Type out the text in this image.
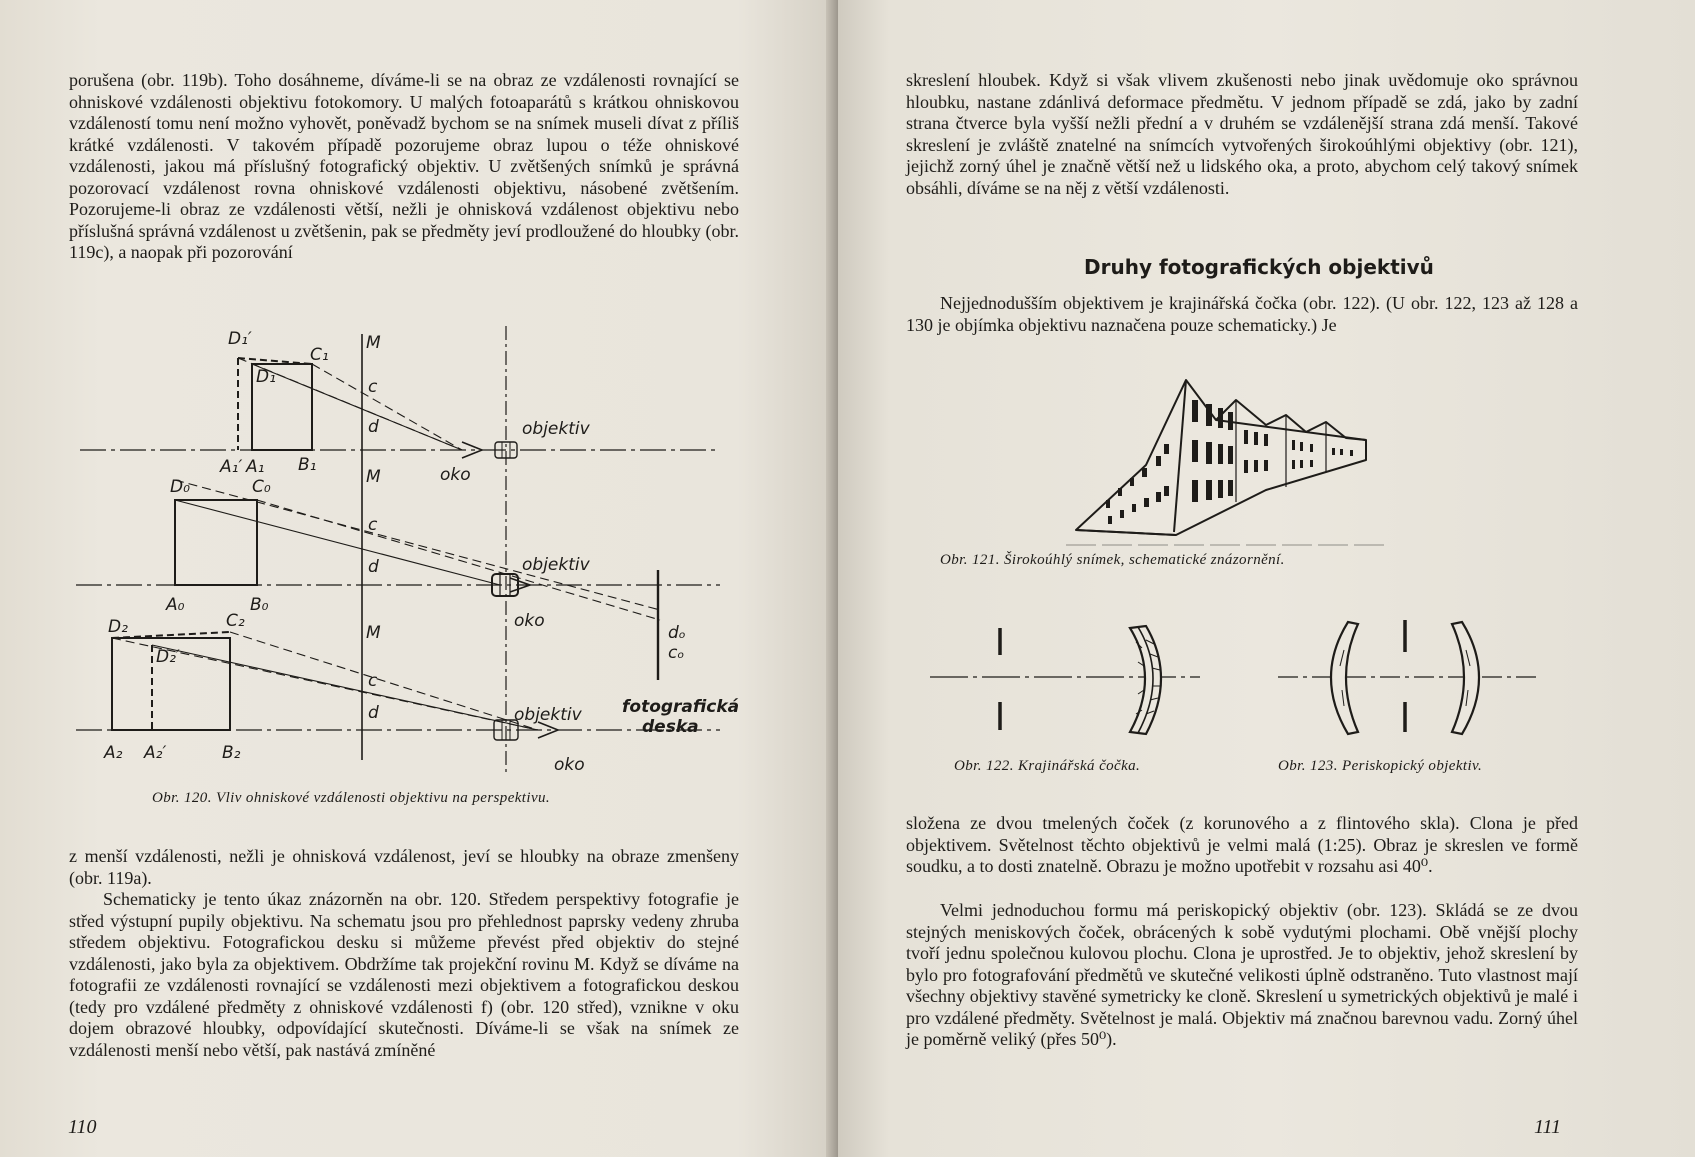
porušena (obr. 119b). Toho dosáhneme, díváme-li se na obraz ze vzdálenosti rovnající se ohniskové vzdálenosti objektivu fotokomory. U malých fotoaparátů s krátkou ohniskovou vzdáleností tomu není možno vyhovět, poněvadž bychom se na snímek museli dívat z příliš krátké vzdálenosti. V takovém případě pozorujeme obraz lupou o téže ohniskové vzdálenosti, jakou má příslušný fotografický objektiv. U zvětšených snímků je správná pozorovací vzdálenost rovna ohniskové vzdálenosti objektivu, násobené zvětšením. Pozorujeme-li obraz ze vzdálenosti větší, nežli je ohnisková vzdálenost objektivu nebo příslušná správná vzdálenost u zvětšenin, pak se předměty jeví prodloužené do hloubky (obr. 119c), a naopak při pozorování

D₁′
C₁
D₁
A₁′ A₁ B₁
M
c
d	objektiv
oko
D₀	C₀
A₀	B₀
M
c
d	objektiv
oko
dₒ
cₒ
D₂	C₂
D₂′
A₂ A₂′	B₂
M
c
d	objektiv
oko
fotografická
deska

Obr. 120. Vliv ohniskové vzdálenosti objektivu na perspektivu.

z menší vzdálenosti, nežli je ohnisková vzdálenost, jeví se hloubky na obraze zmenšeny (obr. 119a).

Schematicky je tento úkaz znázorněn na obr. 120. Středem perspektivy fotografie je střed výstupní pupily objektivu. Na schematu jsou pro přehlednost paprsky vedeny zhruba středem objektivu. Fotografickou desku si můžeme převést před objektiv do stejné vzdálenosti, jako byla za objektivem. Obdržíme tak projekční rovinu M. Když se díváme na fotografii ze vzdálenosti rovnající se vzdálenosti mezi objektivem a fotografickou deskou (tedy pro vzdálené předměty z ohniskové vzdálenosti f) (obr. 120 střed), vznikne v oku dojem obrazové hloubky, odpovídající skutečnosti. Díváme-li se však na snímek ze vzdálenosti menší nebo větší, pak nastává zmíněné

110

skreslení hloubek. Když si však vlivem zkušenosti nebo jinak uvědomuje oko správnou hloubku, nastane zdánlivá deformace předmětu. V jednom případě se zdá, jako by zadní strana čtverce byla vyšší nežli přední a v druhém se vzdálenější strana zdá menší. Takové skreslení je zvláště znatelné na snímcích vytvořených širokoúhlými objektivy (obr. 121), jejichž zorný úhel je značně větší než u lidského oka, a proto, abychom celý takový snímek obsáhli, díváme se na něj z větší vzdálenosti.

Druhy fotografických objektivů

Nejjednodušším objektivem je krajinářská čočka (obr. 122). (U obr. 122, 123 až 128 a 130 je objímka objektivu naznačena pouze schematicky.) Je

Obr. 121. Širokoúhlý snímek, schematické znázornění.

Obr. 122. Krajinářská čočka.	Obr. 123. Periskopický objektiv.

složena ze dvou tmelených čoček (z korunového a z flintového skla). Clona je před objektivem. Světelnost těchto objektivů je velmi malá (1:25). Obraz je skreslen ve formě soudku, a to dosti znatelně. Obrazu je možno upotřebit v rozsahu asi 40⁰.

Velmi jednoduchou formu má periskopický objektiv (obr. 123). Skládá se ze dvou stejných meniskových čoček, obrácených k sobě vydutými plochami. Obě vnější plochy tvoří jednu společnou kulovou plochu. Clona je uprostřed. Je to objektiv, jehož skreslení by bylo pro fotografování předmětů ve skutečné velikosti úplně odstraněno. Tuto vlastnost mají všechny objektivy stavěné symetricky ke cloně. Skreslení u symetrických objektivů je malé i pro vzdálené předměty. Světelnost je malá. Objektiv má značnou barevnou vadu. Zorný úhel je poměrně veliký (přes 50⁰).

111
